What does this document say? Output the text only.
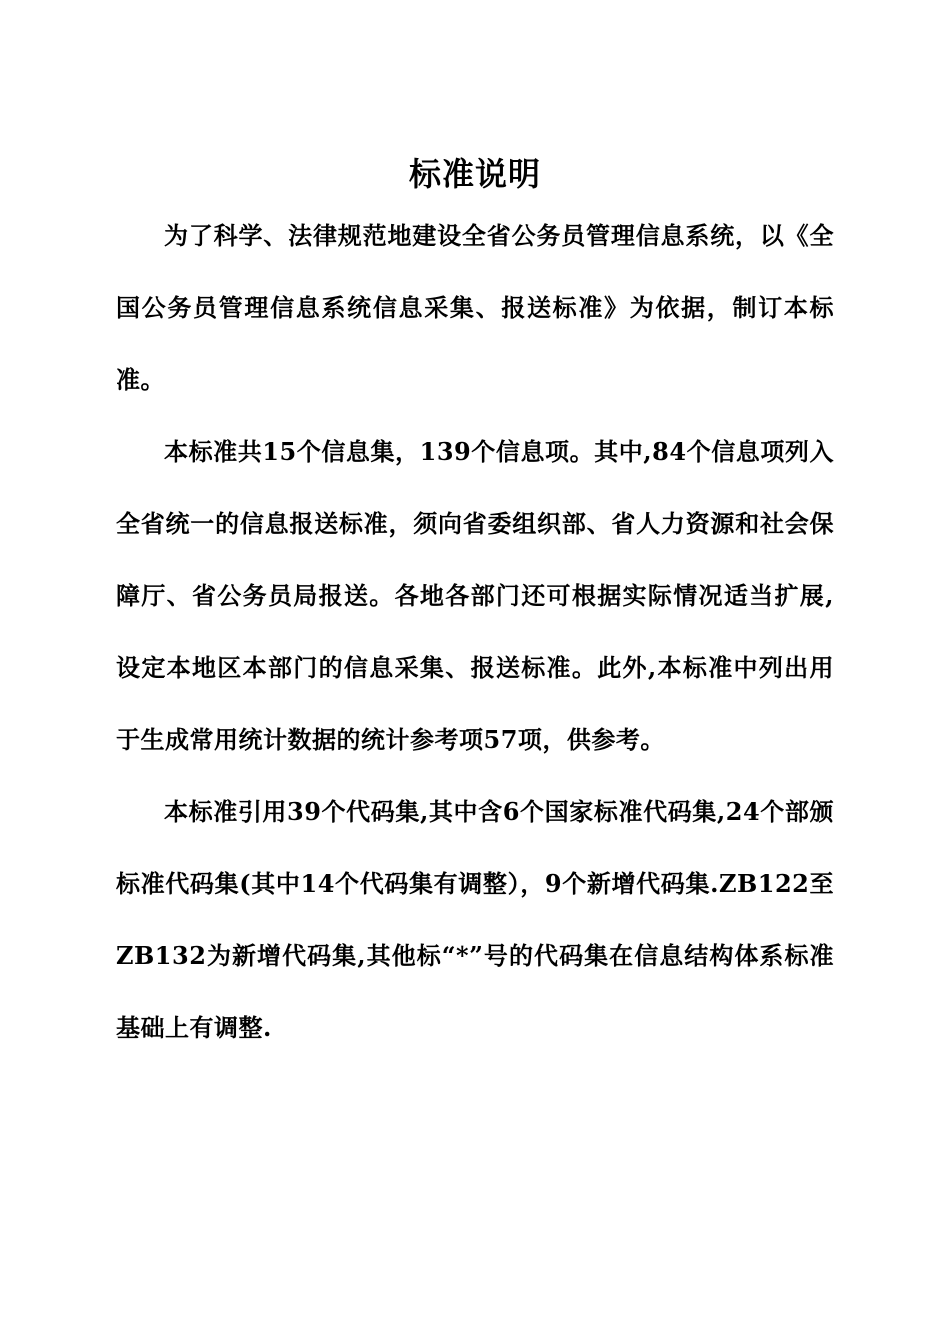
标准说明

为了科学、法律规范地建设全省公务员管理信息系统，以《全国公务员管理信息系统信息采集、报送标准》为依据，制订本标准。

本标准共15个信息集，139个信息项。其中,84个信息项列入全省统一的信息报送标准，须向省委组织部、省人力资源和社会保障厅、省公务员局报送。各地各部门还可根据实际情况适当扩展,设定本地区本部门的信息采集、报送标准。此外,本标准中列出用于生成常用统计数据的统计参考项57项，供参考。

本标准引用39个代码集,其中含6个国家标准代码集,24个部颁标准代码集(其中14个代码集有调整），9个新增代码集.ZB122至ZB132为新增代码集,其他标“*”号的代码集在信息结构体系标准基础上有调整.
